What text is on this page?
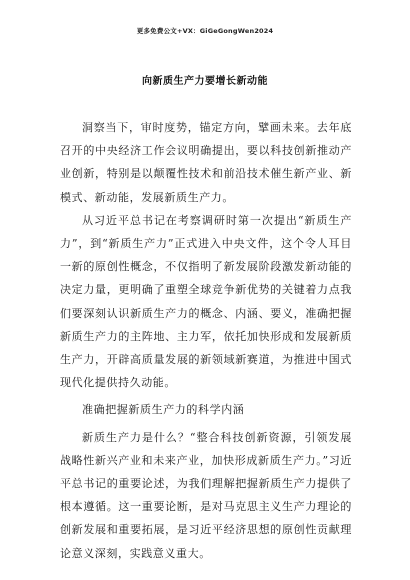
更多免费公文+VX：GiGeGongWen2024
向新质生产力要增长新动能

洞察当下，审时度势，锚定方向，擘画未来。去年底召开的中央经济工作会议明确提出，要以科技创新推动产业创新，特别是以颠覆性技术和前沿技术催生新产业、新模式、新动能，发展新质生产力。

从习近平总书记在考察调研时第一次提出“新质生产力”，到“新质生产力”正式进入中央文件，这个令人耳目一新的原创性概念，不仅指明了新发展阶段激发新动能的决定力量，更明确了重塑全球竞争新优势的关键着力点我们要深刻认识新质生产力的概念、内涵、要义，准确把握新质生产力的主阵地、主力军，依托加快形成和发展新质生产力，开辟高质量发展的新领域新赛道，为推进中国式现代化提供持久动能。

准确把握新质生产力的科学内涵

新质生产力是什么？“整合科技创新资源，引领发展战略性新兴产业和未来产业，加快形成新质生产力。”习近平总书记的重要论述，为我们理解把握新质生产力提供了根本遵循。这一重要论断，是对马克思主义生产力理论的创新发展和重要拓展，是习近平经济思想的原创性贡献理论意义深刻，实践意义重大。
